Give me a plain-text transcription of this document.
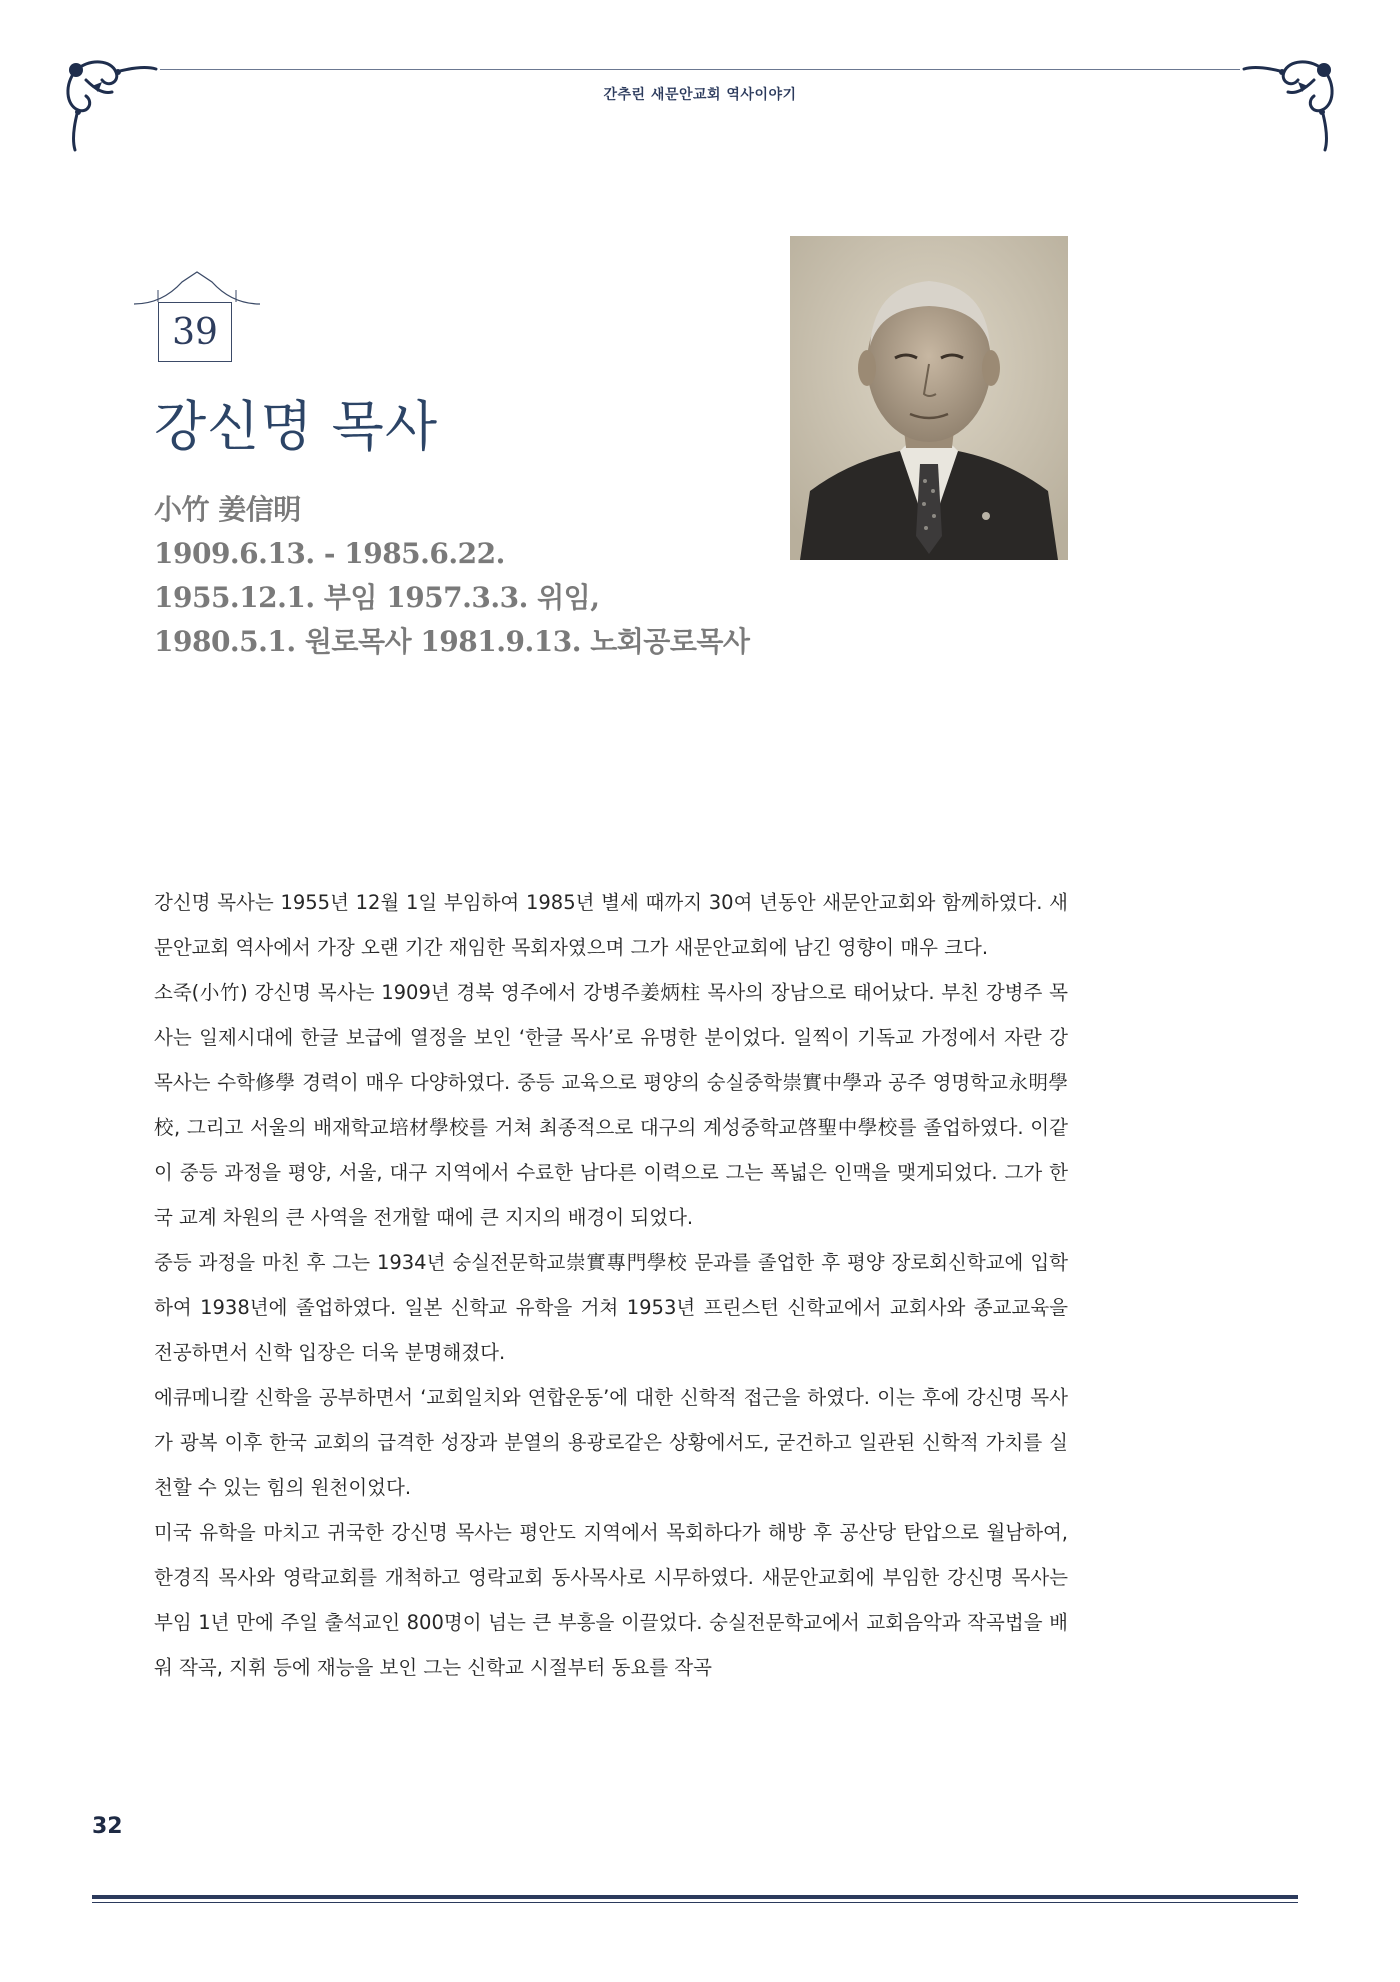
간추린 새문안교회 역사이야기
39
강신명 목사
小竹 姜信明
1909.6.13. - 1985.6.22.
1955.12.1. 부임 1957.3.3. 위임,
1980.5.1. 원로목사 1981.9.13. 노회공로목사

강신명 목사는 1955년 12월 1일 부임하여 1985년 별세 때까지 30여 년동안 새문안교회와 함께하였다. 새문안교회 역사에서 가장 오랜 기간 재임한 목회자였으며 그가 새문안교회에 남긴 영향이 매우 크다.

소죽(小竹) 강신명 목사는 1909년 경북 영주에서 강병주姜炳柱 목사의 장남으로 태어났다. 부친 강병주 목사는 일제시대에 한글 보급에 열정을 보인 ‘한글 목사’로 유명한 분이었다. 일찍이 기독교 가정에서 자란 강 목사는 수학修學 경력이 매우 다양하였다. 중등 교육으로 평양의 숭실중학崇實中學과 공주 영명학교永明學校, 그리고 서울의 배재학교培材學校를 거쳐 최종적으로 대구의 계성중학교啓聖中學校를 졸업하였다. 이같이 중등 과정을 평양, 서울, 대구 지역에서 수료한 남다른 이력으로 그는 폭넓은 인맥을 맺게되었다. 그가 한국 교계 차원의 큰 사역을 전개할 때에 큰 지지의 배경이 되었다.

중등 과정을 마친 후 그는 1934년 숭실전문학교崇實專門學校 문과를 졸업한 후 평양 장로회신학교에 입학하여 1938년에 졸업하였다. 일본 신학교 유학을 거쳐 1953년 프린스턴 신학교에서 교회사와 종교교육을 전공하면서 신학 입장은 더욱 분명해졌다.

에큐메니칼 신학을 공부하면서 ‘교회일치와 연합운동’에 대한 신학적 접근을 하였다. 이는 후에 강신명 목사가 광복 이후 한국 교회의 급격한 성장과 분열의 용광로같은 상황에서도, 굳건하고 일관된 신학적 가치를 실천할 수 있는 힘의 원천이었다.

미국 유학을 마치고 귀국한 강신명 목사는 평안도 지역에서 목회하다가 해방 후 공산당 탄압으로 월남하여, 한경직 목사와 영락교회를 개척하고 영락교회 동사목사로 시무하였다. 새문안교회에 부임한 강신명 목사는 부임 1년 만에 주일 출석교인 800명이 넘는 큰 부흥을 이끌었다. 숭실전문학교에서 교회음악과 작곡법을 배워 작곡, 지휘 등에 재능을 보인 그는 신학교 시절부터 동요를 작곡

32
